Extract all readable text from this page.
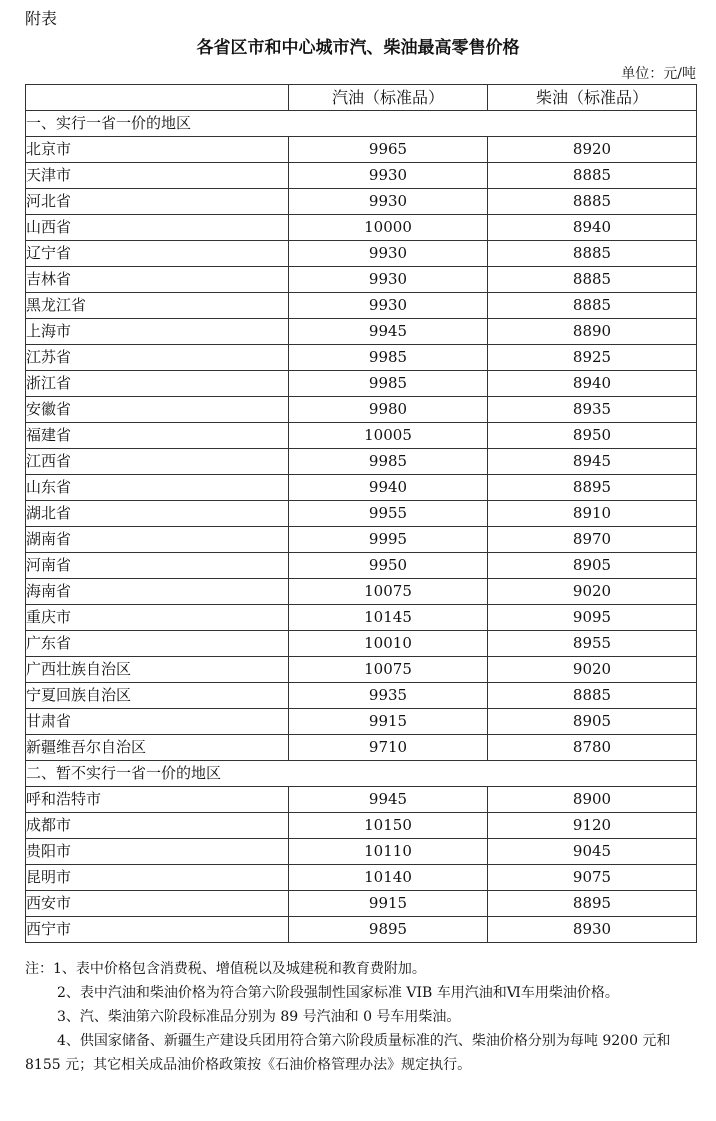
附表
各省区市和中心城市汽、柴油最高零售价格
单位：元/吨
	汽油（标准品）	柴油（标准品）
一、实行一省一价的地区		
北京市	9965	8920
天津市	9930	8885
河北省	9930	8885
山西省	10000	8940
辽宁省	9930	8885
吉林省	9930	8885
黑龙江省	9930	8885
上海市	9945	8890
江苏省	9985	8925
浙江省	9985	8940
安徽省	9980	8935
福建省	10005	8950
江西省	9985	8945
山东省	9940	8895
湖北省	9955	8910
湖南省	9995	8970
河南省	9950	8905
海南省	10075	9020
重庆市	10145	9095
广东省	10010	8955
广西壮族自治区	10075	9020
宁夏回族自治区	9935	8885
甘肃省	9915	8905
新疆维吾尔自治区	9710	8780
二、暂不实行一省一价的地区		
呼和浩特市	9945	8900
成都市	10150	9120
贵阳市	10110	9045
昆明市	10140	9075
西安市	9915	8895
西宁市	9895	8930

注：1、表中价格包含消费税、增值税以及城建税和教育费附加。

2、表中汽油和柴油价格为符合第六阶段强制性国家标准 VIB 车用汽油和Ⅵ车用柴油价格。

3、汽、柴油第六阶段标准品分别为 89 号汽油和 0 号车用柴油。

4、供国家储备、新疆生产建设兵团用符合第六阶段质量标准的汽、柴油价格分别为每吨 9200 元和 8155 元；其它相关成品油价格政策按《石油价格管理办法》规定执行。
